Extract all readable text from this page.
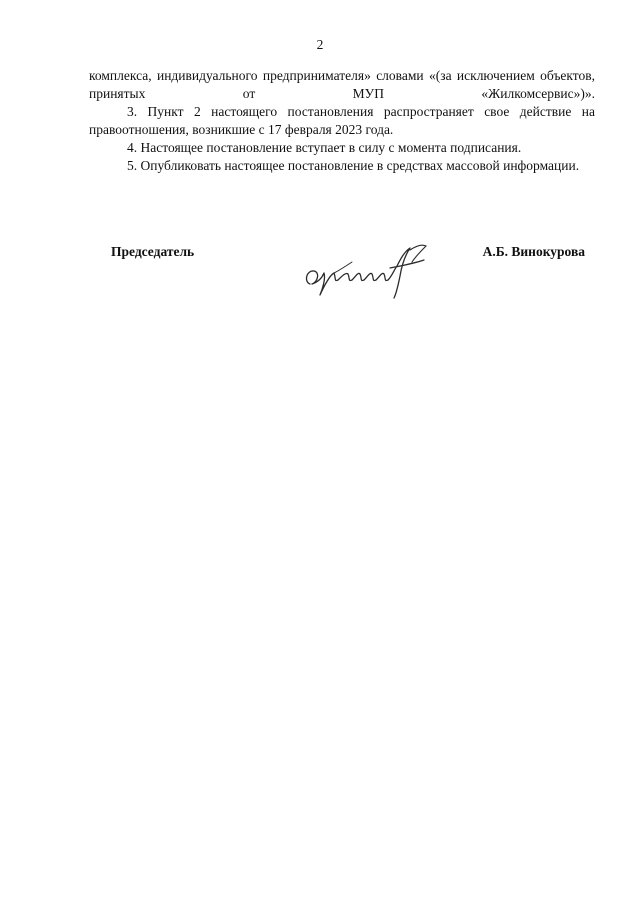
2

комплекса, индивидуального предпринимателя» словами «(за исключением объектов, принятых от МУП «Жилкомсервис»)».

3. Пункт 2 настоящего постановления распространяет свое действие на правоотношения, возникшие с 17 февраля 2023 года.

4. Настоящее постановление вступает в силу с момента подписания.

5. Опубликовать настоящее постановление в средствах массовой информации.

Председатель	А.Б. Винокурова
